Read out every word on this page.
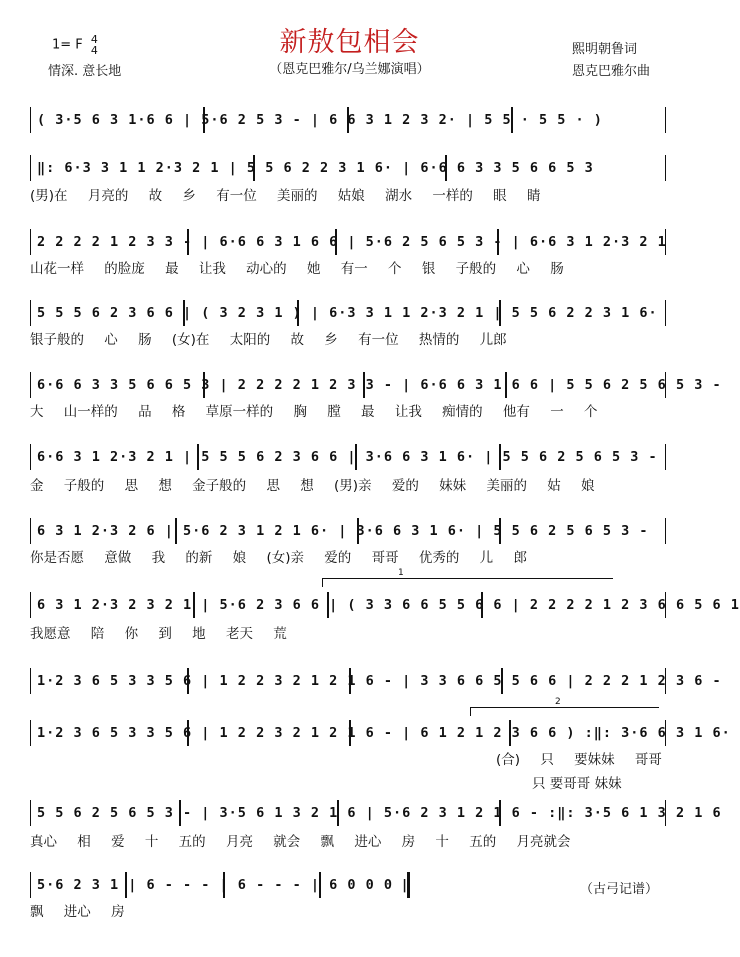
新敖包相会
（恩克巴雅尔/乌兰娜演唱）
1= F 4
4
情深. 意长地
熙明朝鲁词
恩克巴雅尔曲
( 3·5 6 3 1·6 6 | 5·6 2 5 3 - | 6 6 3 1 2 3 2· | 5 5 · 5 5 · )
‖: 6·3 3 1 1 2·3 2 1 | 5 5 6 2 2 3 1 6· | 6·6 6 3 3 5 6 6 5 3
(男)在 月亮的 故 乡 有一位 美丽的 姑娘 湖水 一样的 眼 睛
2 2 2 2 1 2 3 3 - | 6·6 6 3 1 6 6 | 5·6 2 5 6 5 3 - | 6·6 3 1 2·3 2 1
山花一样 的脸庞 最 让我 动心的 她 有一 个 银 子般的 心 肠
5 5 5 6 2 3 6 6 | ( 3 2 3 1 ) | 6·3 3 1 1 2·3 2 1 | 5 5 6 2 2 3 1 6·
银子般的 心 肠 (女)在 太阳的 故 乡 有一位 热情的 儿郎
6·6 6 3 3 5 6 6 5 3 | 2 2 2 2 1 2 3 3 - | 6·6 6 3 1 6 6 | 5 5 6 2 5 6 5 3 -
大 山一样的 品 格 草原一样的 胸 膛 最 让我 痴情的 他有 一 个
6·6 3 1 2·3 2 1 | 5 5 5 6 2 3 6 6 | 3·6 6 3 1 6· | 5 5 6 2 5 6 5 3 -
金 子般的 思 想 金子般的 思 想 (男)亲 爱的 妹妹 美丽的 姑 娘
6 3 1 2·3 2 6 | 5·6 2 3 1 2 1 6· | 3·6 6 3 1 6· | 5 5 6 2 5 6 5 3 -
你是否愿 意做 我 的新 娘 (女)亲 爱的 哥哥 优秀的 儿 郎
1
6 3 1 2·3 2 3 2 1 | 5·6 2 3 6 6 | ( 3 3 6 6 5 5 6 6 | 2 2 2 2 1 2 3 6 6 5 6 1
我愿意 陪 你 到 地 老天 荒
1·2 3 6 5 3 3 5 6 | 1 2 2 3 2 1 2 1 6 - | 3 3 6 6 5 5 6 6 | 2 2 2 1 2 3 6 -
2
1·2 3 6 5 3 3 5 6 | 1 2 2 3 2 1 2 1 6 - | 6 1 2 1 2 3 6 6 ) :‖: 3·6 6 3 1 6·
(合) 只 要妹妹 哥哥
只 要哥哥 妹妹
5 5 6 2 5 6 5 3 - | 3·5 6 1 3 2 1 6 | 5·6 2 3 1 2 1 6 - :‖: 3·5 6 1 3 2 1 6
真心 相 爱 十 五的 月亮 就会 飘 进心 房 十 五的 月亮就会
5·6 2 3 1 | 6 - - - | 6 - - - | 6 0 0 0 ‖
飘 进心 房
（古弓记谱）
